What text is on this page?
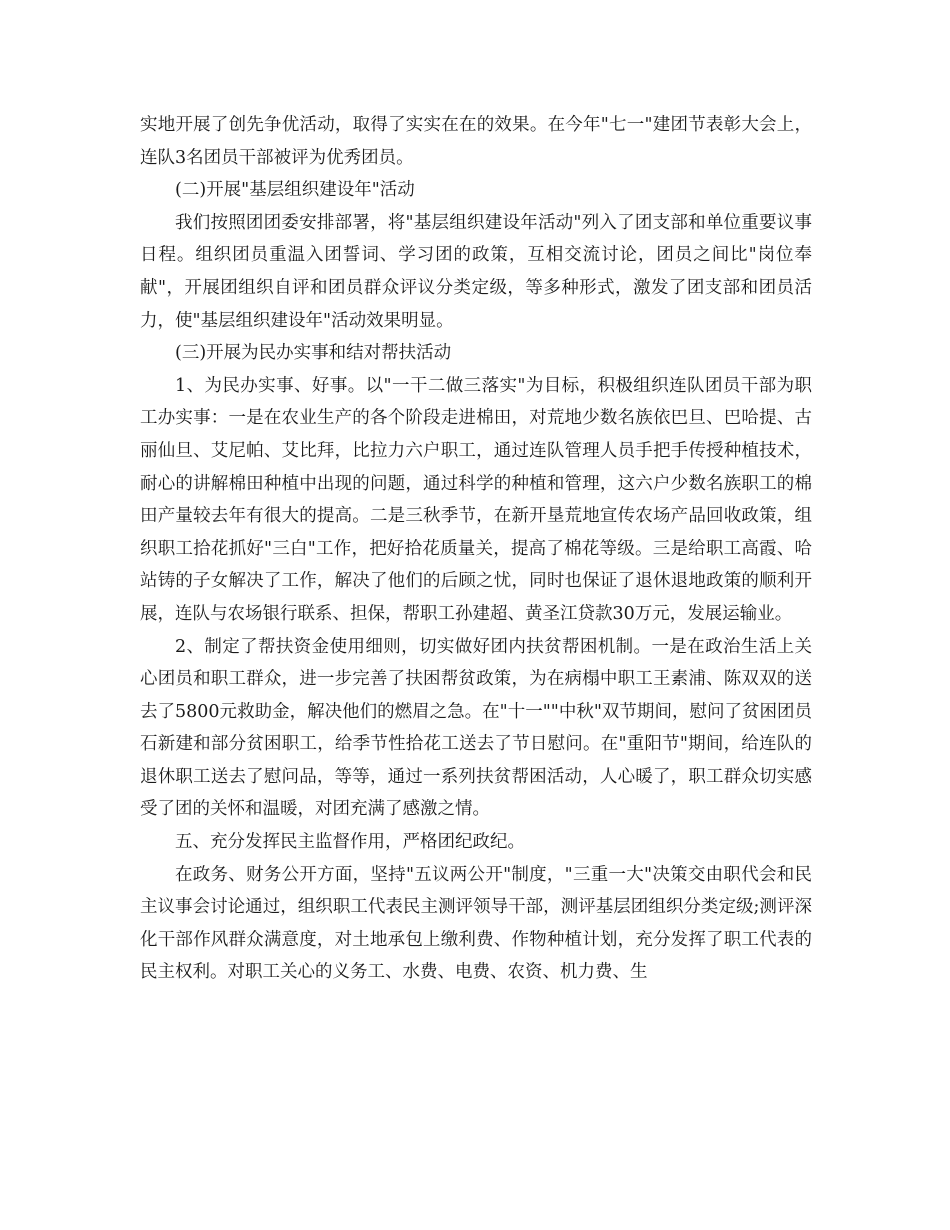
实地开展了创先争优活动，取得了实实在在的效果。在今年"七一"建团节表彰大会上，连队3名团员干部被评为优秀团员。

(二)开展"基层组织建设年"活动

我们按照团团委安排部署，将"基层组织建设年活动"列入了团支部和单位重要议事日程。组织团员重温入团誓词、学习团的政策，互相交流讨论，团员之间比"岗位奉献"，开展团组织自评和团员群众评议分类定级，等多种形式，激发了团支部和团员活力，使"基层组织建设年"活动效果明显。

(三)开展为民办实事和结对帮扶活动

1、为民办实事、好事。以"一干二做三落实"为目标，积极组织连队团员干部为职工办实事：一是在农业生产的各个阶段走进棉田，对荒地少数名族依巴旦、巴哈提、古丽仙旦、艾尼帕、艾比拜，比拉力六户职工，通过连队管理人员手把手传授种植技术，耐心的讲解棉田种植中出现的问题，通过科学的种植和管理，这六户少数名族职工的棉田产量较去年有很大的提高。二是三秋季节，在新开垦荒地宣传农场产品回收政策，组织职工拾花抓好"三白"工作，把好拾花质量关，提高了棉花等级。三是给职工高霞、哈站铸的子女解决了工作，解决了他们的后顾之忧，同时也保证了退休退地政策的顺利开展，连队与农场银行联系、担保，帮职工孙建超、黄圣江贷款30万元，发展运输业。

2、制定了帮扶资金使用细则，切实做好团内扶贫帮困机制。一是在政治生活上关心团员和职工群众，进一步完善了扶困帮贫政策，为在病榻中职工王素浦、陈双双的送去了5800元救助金，解决他们的燃眉之急。在"十一""中秋"双节期间，慰问了贫困团员石新建和部分贫困职工，给季节性拾花工送去了节日慰问。在"重阳节"期间，给连队的退休职工送去了慰问品，等等，通过一系列扶贫帮困活动，人心暖了，职工群众切实感受了团的关怀和温暖，对团充满了感激之情。

五、充分发挥民主监督作用，严格团纪政纪。

在政务、财务公开方面，坚持"五议两公开"制度，"三重一大"决策交由职代会和民主议事会讨论通过，组织职工代表民主测评领导干部，测评基层团组织分类定级;测评深化干部作风群众满意度，对土地承包上缴利费、作物种植计划，充分发挥了职工代表的民主权利。对职工关心的义务工、水费、电费、农资、机力费、生
